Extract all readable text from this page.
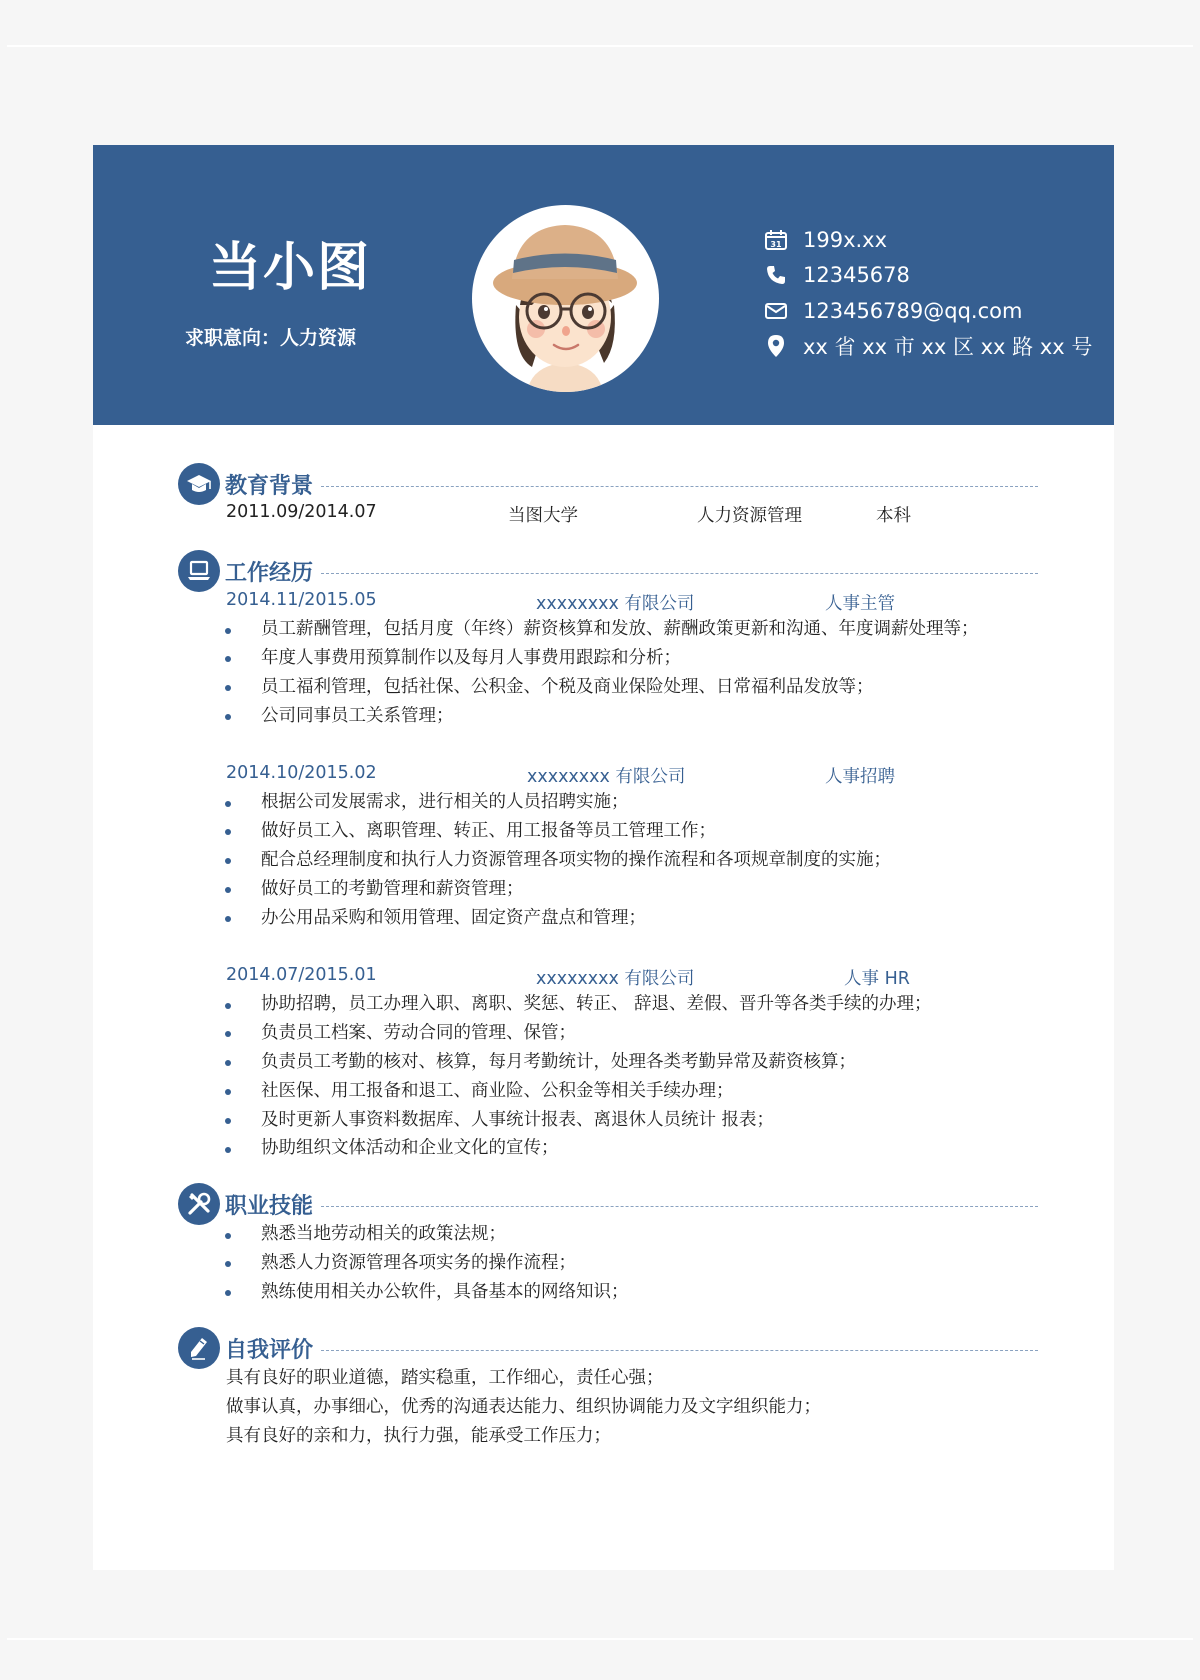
当小图
求职意向：人力资源
31 199x.xx
12345678
123456789@qq.com
xx 省 xx 市 xx 区 xx 路 xx 号
教育背景
2011.09/2014.07	当图大学	人力资源管理	本科
工作经历
2014.11/2015.05	xxxxxxxx 有限公司	人事主管
员工薪酬管理，包括月度（年终）薪资核算和发放、薪酬政策更新和沟通、年度调薪处理等；
年度人事费用预算制作以及每月人事费用跟踪和分析；
员工福利管理，包括社保、公积金、个税及商业保险处理、日常福利品发放等；
公司同事员工关系管理；
2014.10/2015.02	xxxxxxxx 有限公司	人事招聘
根据公司发展需求，进行相关的人员招聘实施；
做好员工入、离职管理、转正、用工报备等员工管理工作；
配合总经理制度和执行人力资源管理各项实物的操作流程和各项规章制度的实施；
做好员工的考勤管理和薪资管理；
办公用品采购和领用管理、固定资产盘点和管理；
2014.07/2015.01	xxxxxxxx 有限公司	人事 HR
协助招聘，员工办理入职、离职、奖惩、转正、 辞退、差假、晋升等各类手续的办理；
负责员工档案、劳动合同的管理、保管；
负责员工考勤的核对、核算，每月考勤统计，处理各类考勤异常及薪资核算；
社医保、用工报备和退工、商业险、公积金等相关手续办理；
及时更新人事资料数据库、人事统计报表、离退休人员统计 报表；
协助组织文体活动和企业文化的宣传；
职业技能
熟悉当地劳动相关的政策法规；
熟悉人力资源管理各项实务的操作流程；
熟练使用相关办公软件，具备基本的网络知识；
自我评价
具有良好的职业道德，踏实稳重，工作细心，责任心强；
做事认真，办事细心，优秀的沟通表达能力、组织协调能力及文字组织能力；
具有良好的亲和力，执行力强，能承受工作压力；
